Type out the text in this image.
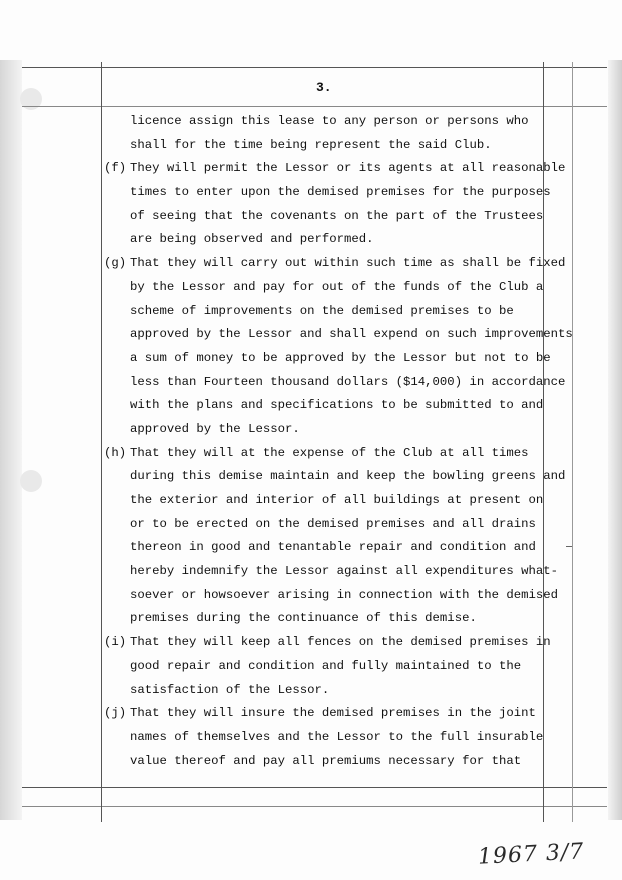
3.
licence assign this lease to any person or persons who
shall for the time being represent the said Club.
(f) They will permit the Lessor or its agents at all reasonable
times to enter upon the demised premises for the purposes
of seeing that the covenants on the part of the Trustees
are being observed and performed.
(g) That they will carry out within such time as shall be fixed
by the Lessor and pay for out of the funds of the Club a
scheme of improvements on the demised premises to be
approved by the Lessor and shall expend on such improvements
a sum of money to be approved by the Lessor but not to be
less than Fourteen thousand dollars ($14,000) in accordance
with the plans and specifications to be submitted to and
approved by the Lessor.
(h) That they will at the expense of the Club at all times
during this demise maintain and keep the bowling greens and
the exterior and interior of all buildings at present on
or to be erected on the demised premises and all drains
thereon in good and tenantable repair and condition and
hereby indemnify the Lessor against all expenditures what-
soever or howsoever arising in connection with the demised
premises during the continuance of this demise.
(i) That they will keep all fences on the demised premises in
good repair and condition and fully maintained to the
satisfaction of the Lessor.
(j) That they will insure the demised premises in the joint
names of themselves and the Lessor to the full insurable
value thereof and pay all premiums necessary for that
1967 3/7
